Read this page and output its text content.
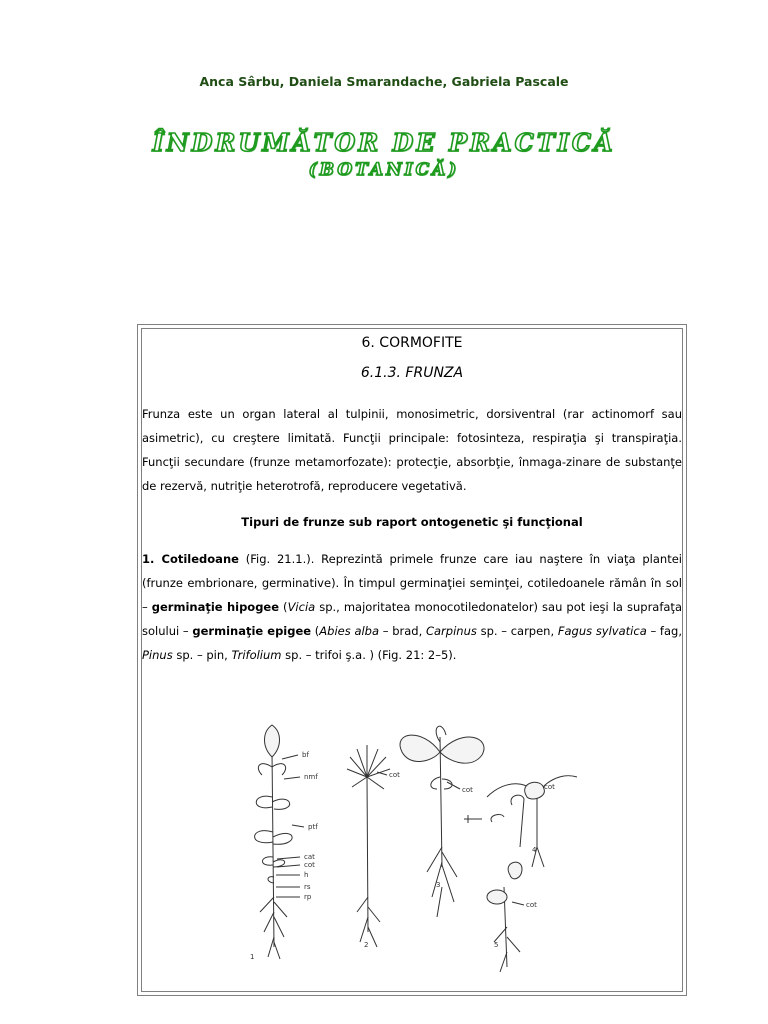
Anca Sârbu, Daniela Smarandache, Gabriela Pascale
ÎNDRUMĂTOR DE PRACTICĂ
(BOTANICĂ)
6. CORMOFITE
6.1.3. FRUNZA

Frunza este un organ lateral al tulpinii, monosimetric, dorsiventral (rar actinomorf sau asimetric), cu creştere limitată. Funcţii principale: fotosinteza, respiraţia şi transpiraţia. Funcţii secundare (frunze metamorfozate): protecţie, absorbţie, înmaga-zinare de substanţe de rezervă, nutriţie heterotrofă, reproducere vegetativă.

Tipuri de frunze sub raport ontogenetic şi funcţional

1. Cotiledoane (Fig. 21.1.). Reprezintă primele frunze care iau naştere în viaţa plantei (frunze embrionare, germinative). În timpul germinaţiei seminţei, cotiledoanele rămân în sol – germinaţie hipogee (Vicia sp., majoritatea monocotiledonatelor) sau pot ieşi la suprafaţa solului – germinaţie epigee (Abies alba – brad, Carpinus sp. – carpen, Fagus sylvatica – fag, Pinus sp. – pin, Trifolium sp. – trifoi ş.a. ) (Fig. 21: 2–5).

bf
nmf
ptf
cat
cot
h
rs
rp
cot
cot	cot
cot
1
2
3
4
5
